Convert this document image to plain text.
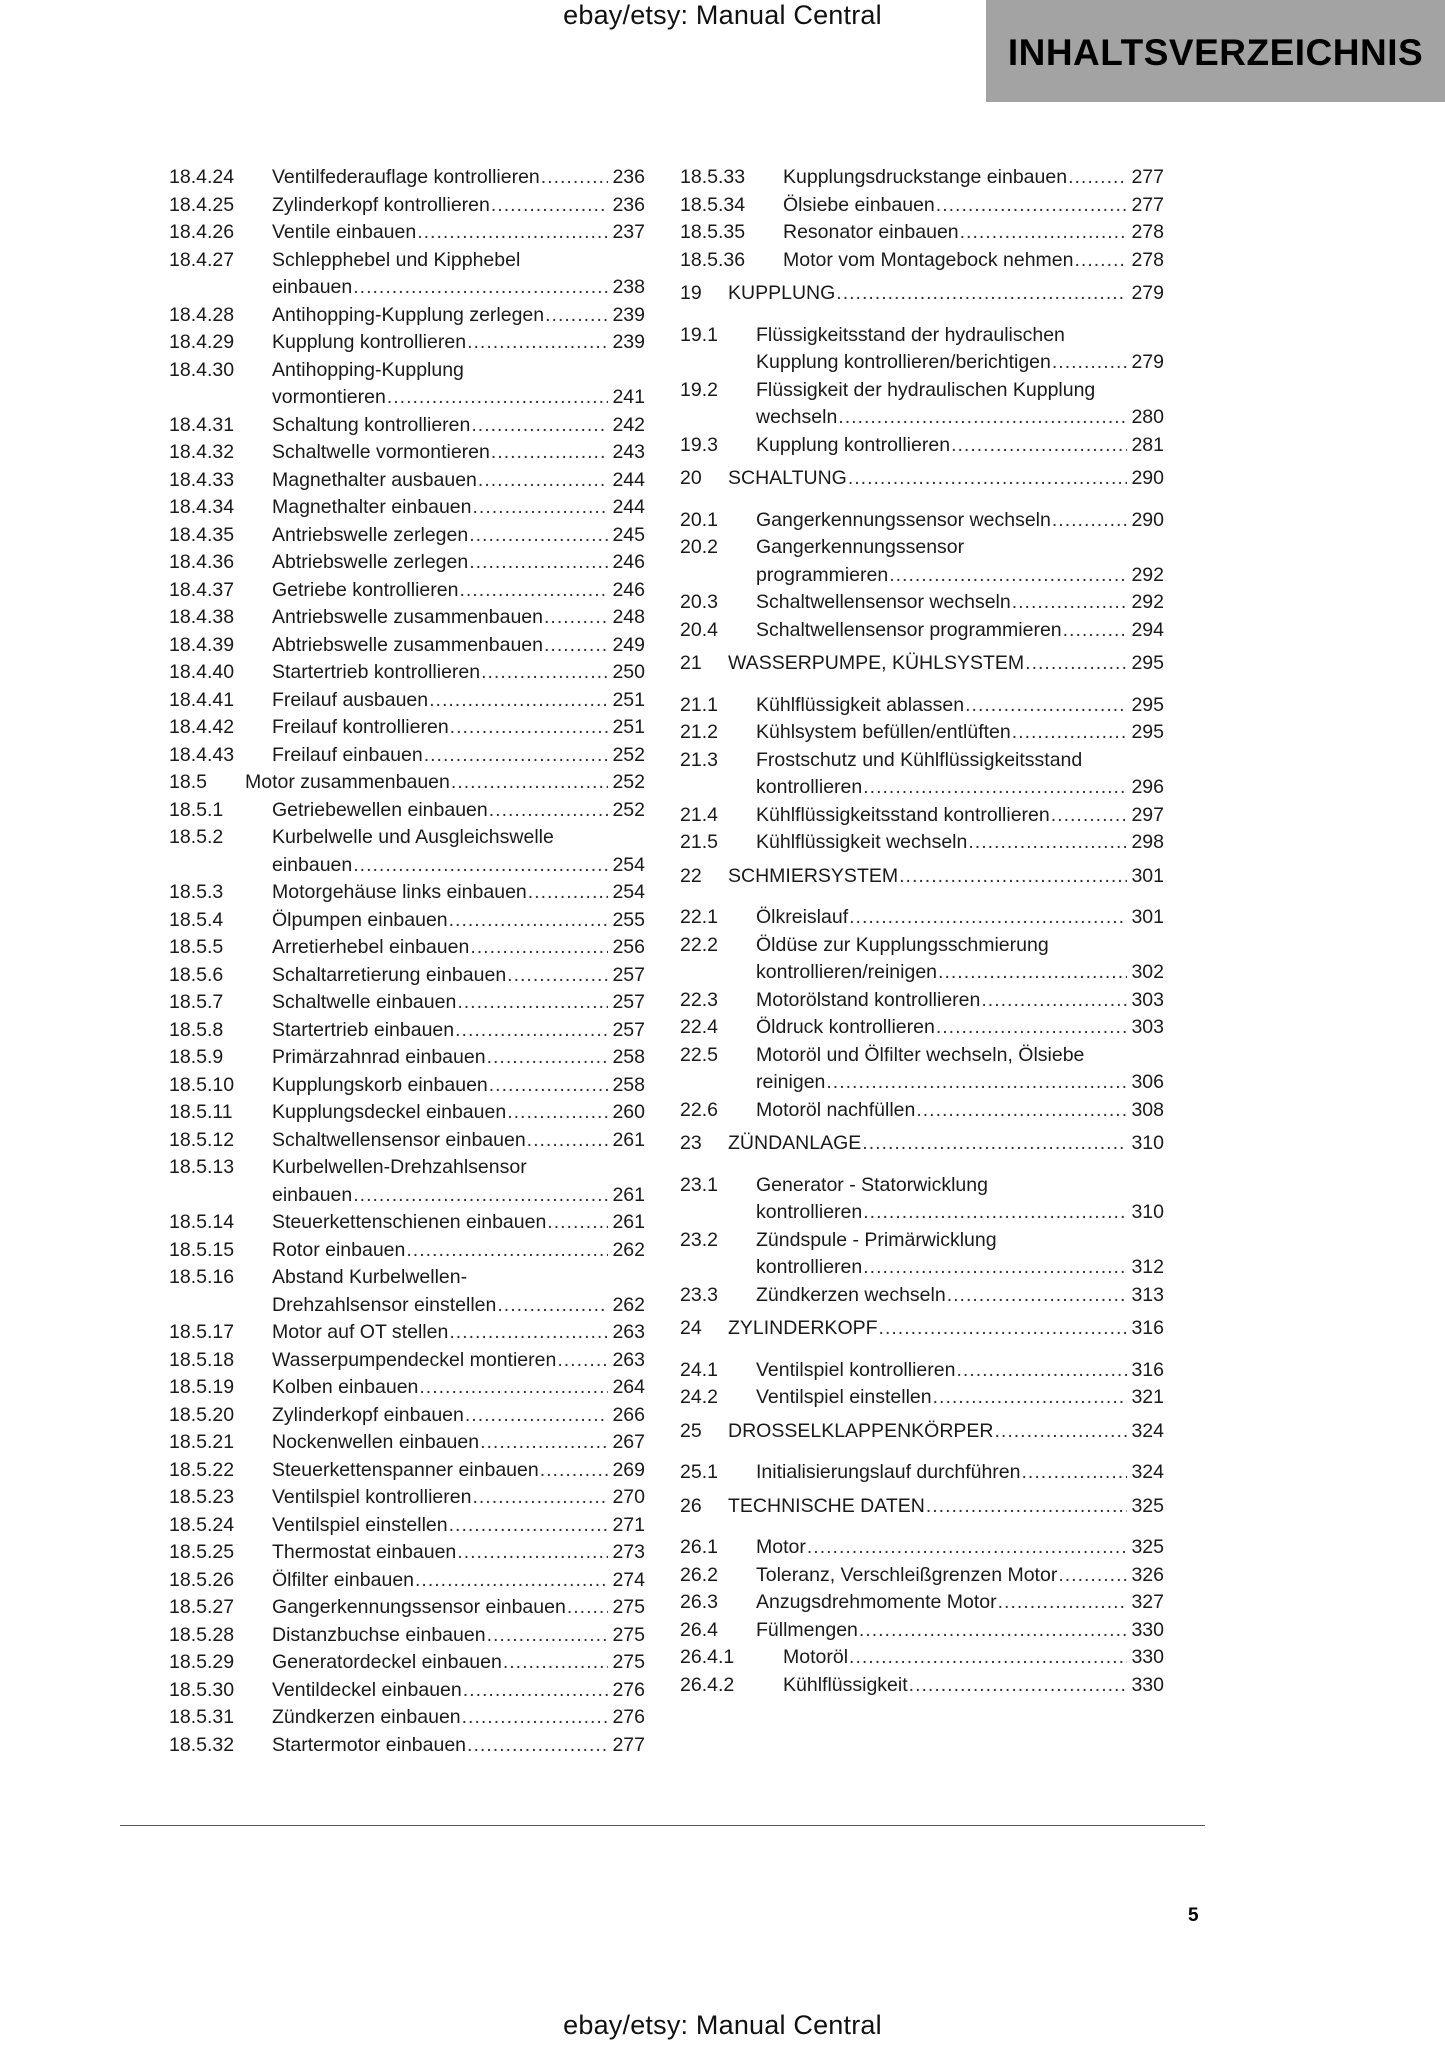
ebay/etsy: Manual Central
INHALTSVERZEICHNIS
18.4.24 Ventilfederauflage kontrollieren .....	236
18.4.25 Zylinderkopf kontrollieren .....	236
18.4.26 Ventile einbauen .....	237
18.4.27 Schlepphebel und Kipphebel
einbauen .....	238
18.4.28 Antihopping-Kupplung zerlegen .....	239
18.4.29 Kupplung kontrollieren .....	239
18.4.30 Antihopping-Kupplung
vormontieren .....	241
18.4.31 Schaltung kontrollieren .....	242
18.4.32 Schaltwelle vormontieren .....	243
18.4.33 Magnethalter ausbauen .....	244
18.4.34 Magnethalter einbauen .....	244
18.4.35 Antriebswelle zerlegen .....	245
18.4.36 Abtriebswelle zerlegen .....	246
18.4.37 Getriebe kontrollieren .....	246
18.4.38 Antriebswelle zusammenbauen .....	248
18.4.39 Abtriebswelle zusammenbauen .....	249
18.4.40 Startertrieb kontrollieren .....	250
18.4.41 Freilauf ausbauen .....	251
18.4.42 Freilauf kontrollieren .....	251
18.4.43 Freilauf einbauen .....	252
18.5 Motor zusammenbauen .....	252
18.5.1	Getriebewellen einbauen .....	252
18.5.2	Kurbelwelle und Ausgleichswelle
einbauen .....	254
18.5.3	Motorgehäuse links einbauen .....	254
18.5.4	Ölpumpen einbauen .....	255
18.5.5	Arretierhebel einbauen .....	256
18.5.6	Schaltarretierung einbauen .....	257
18.5.7	Schaltwelle einbauen .....	257
18.5.8	Startertrieb einbauen .....	257
18.5.9	Primärzahnrad einbauen .....	258
18.5.10 Kupplungskorb einbauen .....	258
18.5.11 Kupplungsdeckel einbauen .....	260
18.5.12 Schaltwellensensor einbauen .....	261
18.5.13 Kurbelwellen-Drehzahlsensor
einbauen .....	261
18.5.14 Steuerkettenschienen einbauen .....	261
18.5.15 Rotor einbauen .....	262
18.5.16 Abstand Kurbelwellen-
Drehzahlsensor einstellen .....	262
18.5.17 Motor auf OT stellen .....	263
18.5.18 Wasserpumpendeckel montieren .....	263
18.5.19 Kolben einbauen .....	264
18.5.20 Zylinderkopf einbauen .....	266
18.5.21 Nockenwellen einbauen .....	267
18.5.22 Steuerkettenspanner einbauen .....	269
18.5.23 Ventilspiel kontrollieren .....	270
18.5.24 Ventilspiel einstellen .....	271
18.5.25 Thermostat einbauen .....	273
18.5.26 Ölfilter einbauen .....	274
18.5.27 Gangerkennungssensor einbauen ..... 275
18.5.28 Distanzbuchse einbauen .....	275
18.5.29 Generatordeckel einbauen .....	275
18.5.30 Ventildeckel einbauen .....	276
18.5.31 Zündkerzen einbauen .....	276
18.5.32 Startermotor einbauen .....	277
18.5.33 Kupplungsdruckstange einbauen .....	277
18.5.34 Ölsiebe einbauen .....	277
18.5.35 Resonator einbauen .....	278
18.5.36 Motor vom Montagebock nehmen .....	278
19 KUPPLUNG .....	279
19.1 Flüssigkeitsstand der hydraulischen
Kupplung kontrollieren/berichtigen .....	279
19.2 Flüssigkeit der hydraulischen Kupplung
wechseln .....	280
19.3 Kupplung kontrollieren .....	281
20 SCHALTUNG .....	290
20.1 Gangerkennungssensor wechseln .....	290
20.2 Gangerkennungssensor
programmieren .....	292
20.3 Schaltwellensensor wechseln .....	292
20.4 Schaltwellensensor programmieren .....	294
21 WASSERPUMPE, KÜHLSYSTEM .....	295
21.1 Kühlflüssigkeit ablassen .....	295
21.2 Kühlsystem befüllen/entlüften .....	295
21.3 Frostschutz und Kühlflüssigkeitsstand
kontrollieren .....	296
21.4 Kühlflüssigkeitsstand kontrollieren .....	297
21.5 Kühlflüssigkeit wechseln .....	298
22 SCHMIERSYSTEM .....	301
22.1 Ölkreislauf .....	301
22.2 Öldüse zur Kupplungsschmierung
kontrollieren/reinigen .....	302
22.3 Motorölstand kontrollieren .....	303
22.4 Öldruck kontrollieren .....	303
22.5 Motoröl und Ölfilter wechseln, Ölsiebe
reinigen .....	306
22.6 Motoröl nachfüllen .....	308
23 ZÜNDANLAGE .....	310
23.1 Generator - Statorwicklung
kontrollieren .....	310
23.2 Zündspule - Primärwicklung
kontrollieren .....	312
23.3 Zündkerzen wechseln .....	313
24 ZYLINDERKOPF .....	316
24.1 Ventilspiel kontrollieren .....	316
24.2 Ventilspiel einstellen .....	321
25 DROSSELKLAPPENKÖRPER .....	324
25.1 Initialisierungslauf durchführen .....	324
26 TECHNISCHE DATEN .....	325
26.1 Motor .....	325
26.2 Toleranz, Verschleißgrenzen Motor .....	326
26.3 Anzugsdrehmomente Motor .....	327
26.4 Füllmengen .....	330
26.4.1	Motoröl .....	330
26.4.2	Kühlflüssigkeit .....	330
5
ebay/etsy: Manual Central
